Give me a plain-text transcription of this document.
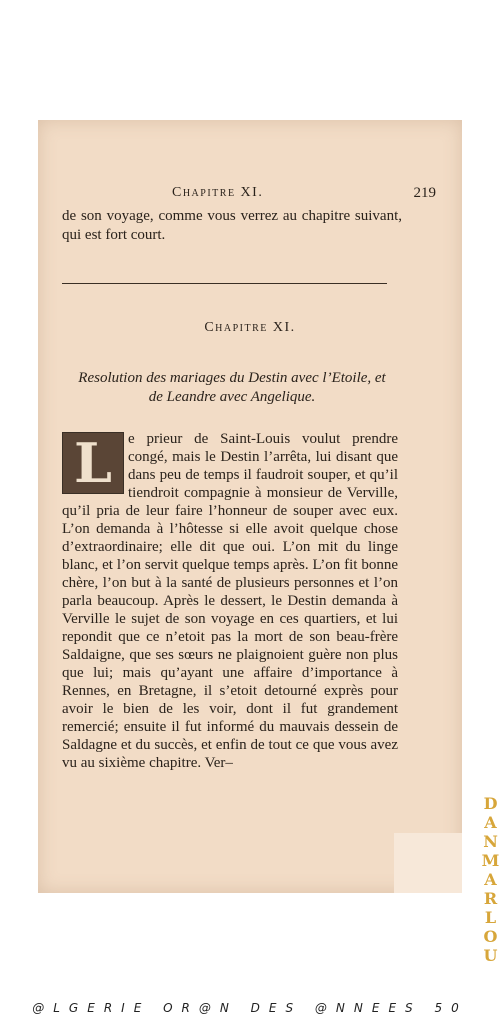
Chapitre XI.	219
de son voyage, comme vous verrez au chapitre suivant, qui est fort court.
Chapitre XI.
Resolution des mariages du Destin avec l’Etoile, et de Leandre avec Angelique.
L	e prieur de Saint-Louis voulut prendre congé, mais le Destin l’arrêta, lui disant que dans peu de temps il faudroit souper, et qu’il tiendroit compagnie à monsieur de Verville, qu’il pria de leur faire l’honneur de souper avec eux. L’on demanda à l’hôtesse si elle avoit quelque chose d’extraordinaire; elle dit que oui. L’on mit du linge blanc, et l’on servit quelque temps après. L’on fit bonne chère, l’on but à la santé de plusieurs personnes et l’on parla beaucoup. Après le dessert, le Destin demanda à Verville le sujet de son voyage en ces quartiers, et lui repondit que ce n’etoit pas la mort de son beau-frère Saldaigne, que ses sœurs ne plaignoient guère non plus que lui; mais qu’ayant une affaire d’importance à Rennes, en Bretagne, il s’etoit detourné exprès pour avoir le bien de les voir, dont il fut grandement remercié; ensuite il fut informé du mauvais dessein de Saldagne et du succès, et enfin de tout ce que vous avez vu au sixième chapitre. Ver–
DANMARLOU
@LGERIE OR@N DES @NNEES 50
